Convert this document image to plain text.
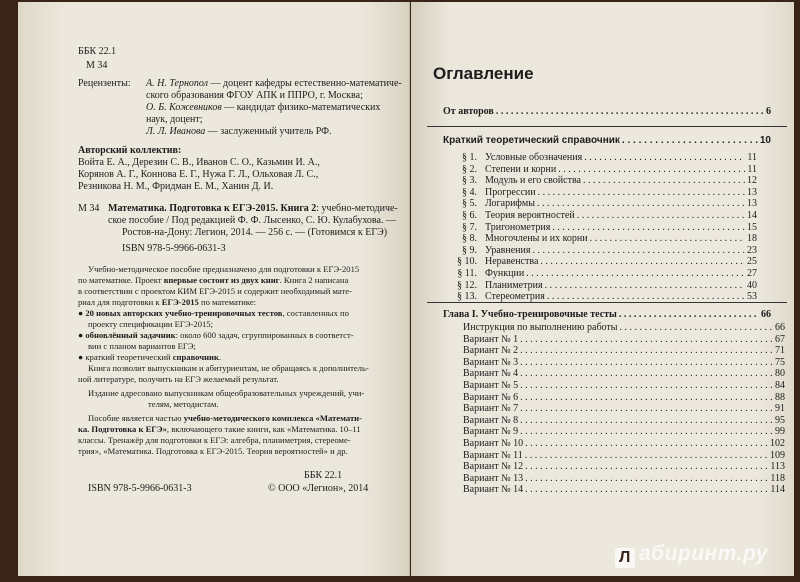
ББК 22.1
М 34
Рецензенты: А. Н. Тернопол — доцент кафедры естественно-математиче-
ского образования ФГОУ АПК и ППРО, г. Москва;
О. Б. Кожевников — кандидат физико-математических
наук, доцент;
Л. Л. Иванова — заслуженный учитель РФ.
Авторский коллектив:
Войта Е. А., Дерезин С. В., Иванов С. О., Казьмин И. А.,
Корянов А. Г., Коннова Е. Г., Нужа Г. Л., Ольховая Л. С.,
Резникова Н. М., Фридман Е. М., Ханин Д. И.
М 34 Математика. Подготовка к ЕГЭ-2015. Книга 2: учебно-методиче-
ское пособие / Под редакцией Ф. Ф. Лысенко, С. Ю. Кулабухова. —
Ростов-на-Дону: Легион, 2014. — 256 с. — (Готовимся к ЕГЭ)
ISBN 978-5-9966-0631-3
Учебно-методическое пособие предназначено для подготовки к ЕГЭ-2015
по математике. Проект впервые состоит из двух книг. Книга 2 написана
в соответствии с проектом КИМ ЕГЭ-2015 и содержит необходимый мате-
риал для подготовки к ЕГЭ-2015 по математике:
● 20 новых авторских учебно-тренировочных тестов, составленных по
проекту спецификации ЕГЭ-2015;
● обновлённый задачник: около 600 задач, сгруппированных в соответст-
вии с планом вариантов ЕГЭ;
● краткий теоретический справочник.
Книга позволит выпускникам и абитуриентам, не обращаясь к дополнитель-
ной литературе, получить на ЕГЭ желаемый результат.
Издание адресовано выпускникам общеобразовательных учреждений, учи-
телям, методистам.
Пособие является частью учебно-методического комплекса «Математи-
ка. Подготовка к ЕГЭ», включающего такие книги, как «Математика. 10–11
классы. Тренажёр для подготовки к ЕГЭ: алгебра, планиметрия, стереоме-
трия», «Математика. Подготовка к ЕГЭ-2015. Теория вероятностей» и др.
ББК 22.1
ISBN 978-5-9966-0631-3	© ООО «Легион», 2014
Оглавление
От авторов . . .	6
Краткий теоретический справочник . . .	10
§ 1. Условные обозначения . . .	11
§ 2. Степени и корни . . .	11
§ 3. Модуль и его свойства . . .	12
§ 4. Прогрессии . . .	13
§ 5. Логарифмы . . .	13
§ 6. Теория вероятностей . . .	14
§ 7. Тригонометрия . . .	15
§ 8. Многочлены и их корни . . .	18
§ 9. Уравнения . . .	23
§ 10. Неравенства . . .	25
§ 11. Функции . . .	27
§ 12. Планиметрия . . .	40
§ 13. Стереометрия . . .	53
Глава I. Учебно-тренировочные тесты . . .	66
Инструкция по выполнению работы . . .	66
Вариант № 1 . . .	67
Вариант № 2 . . .	71
Вариант № 3 . . .	75
Вариант № 4 . . .	80
Вариант № 5 . . .	84
Вариант № 6 . . .	88
Вариант № 7 . . .	91
Вариант № 8 . . .	95
Вариант № 9 . . .	99
Вариант № 10 . . .	102
Вариант № 11 . . .	109
Вариант № 12 . . .	113
Вариант № 13 . . .	118
Вариант № 14 . . .	114
Л абиринт.ру
